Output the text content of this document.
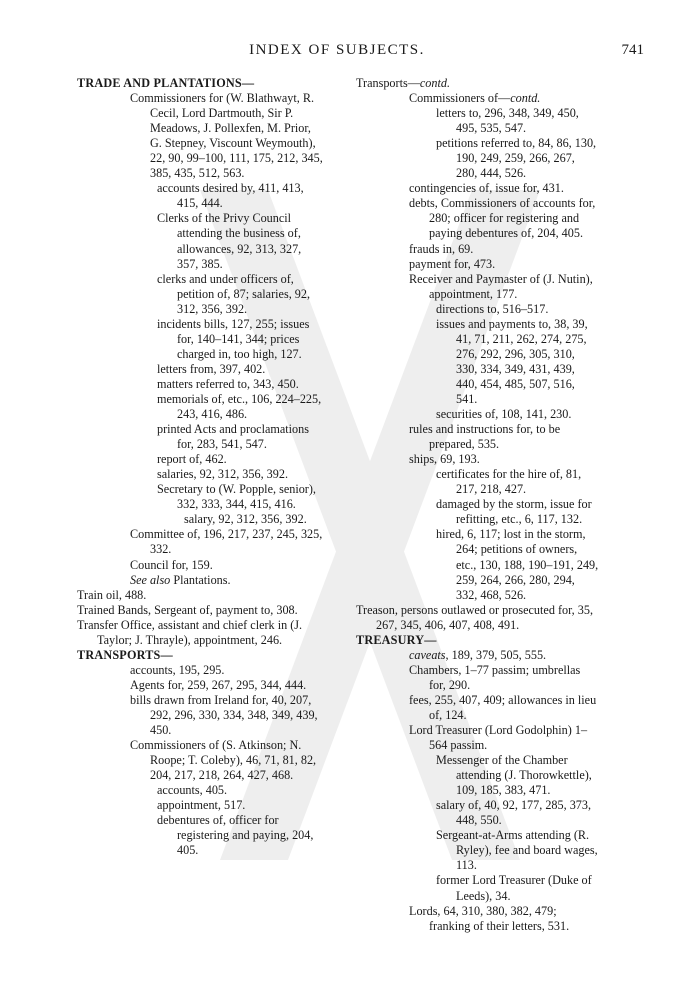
INDEX OF SUBJECTS.	741
TRADE AND PLANTATIONS—
Commissioners for (W. Blathwayt, R. Cecil, Lord Dartmouth, Sir P. Meadows, J. Pollexfen, M. Prior, G. Stepney, Viscount Weymouth), 22, 90, 99–100, 111, 175, 212, 345, 385, 435, 512, 563.
accounts desired by, 411, 413, 415, 444.
Clerks of the Privy Council attending the business of, allowances, 92, 313, 327, 357, 385.
clerks and under officers of, petition of, 87; salaries, 92, 312, 356, 392.
incidents bills, 127, 255; issues for, 140–141, 344; prices charged in, too high, 127.
letters from, 397, 402.
matters referred to, 343, 450.
memorials of, etc., 106, 224–225, 243, 416, 486.
printed Acts and proclamations for, 283, 541, 547.
report of, 462.
salaries, 92, 312, 356, 392.
Secretary to (W. Popple, senior), 332, 333, 344, 415, 416.
salary, 92, 312, 356, 392.
Committee of, 196, 217, 237, 245, 325, 332.
Council for, 159.
See also Plantations.
Train oil, 488.
Trained Bands, Sergeant of, payment to, 308.
Transfer Office, assistant and chief clerk in (J. Taylor; J. Thrayle), appointment, 246.
TRANSPORTS—
accounts, 195, 295.
Agents for, 259, 267, 295, 344, 444.
bills drawn from Ireland for, 40, 207, 292, 296, 330, 334, 348, 349, 439, 450.
Commissioners of (S. Atkinson; N. Roope; T. Coleby), 46, 71, 81, 82, 204, 217, 218, 264, 427, 468.
accounts, 405.
appointment, 517.
debentures of, officer for registering and paying, 204, 405.
Transports—contd.
Commissioners of—contd.
letters to, 296, 348, 349, 450, 495, 535, 547.
petitions referred to, 84, 86, 130, 190, 249, 259, 266, 267, 280, 444, 526.
contingencies of, issue for, 431.
debts, Commissioners of accounts for, 280; officer for registering and paying debentures of, 204, 405.
frauds in, 69.
payment for, 473.
Receiver and Paymaster of (J. Nutin), appointment, 177.
directions to, 516–517.
issues and payments to, 38, 39, 41, 71, 211, 262, 274, 275, 276, 292, 296, 305, 310, 330, 334, 349, 431, 439, 440, 454, 485, 507, 516, 541.
securities of, 108, 141, 230.
rules and instructions for, to be prepared, 535.
ships, 69, 193.
certificates for the hire of, 81, 217, 218, 427.
damaged by the storm, issue for refitting, etc., 6, 117, 132.
hired, 6, 117; lost in the storm, 264; petitions of owners, etc., 130, 188, 190–191, 249, 259, 264, 266, 280, 294, 332, 468, 526.
Treason, persons outlawed or prosecuted for, 35, 267, 345, 406, 407, 408, 491.
TREASURY—
caveats, 189, 379, 505, 555.
Chambers, 1–77 passim; umbrellas for, 290.
fees, 255, 407, 409; allowances in lieu of, 124.
Lord Treasurer (Lord Godolphin) 1–564 passim.
Messenger of the Chamber attending (J. Thorowkettle), 109, 185, 383, 471.
salary of, 40, 92, 177, 285, 373, 448, 550.
Sergeant-at-Arms attending (R. Ryley), fee and board wages, 113.
former Lord Treasurer (Duke of Leeds), 34.
Lords, 64, 310, 380, 382, 479; franking of their letters, 531.
